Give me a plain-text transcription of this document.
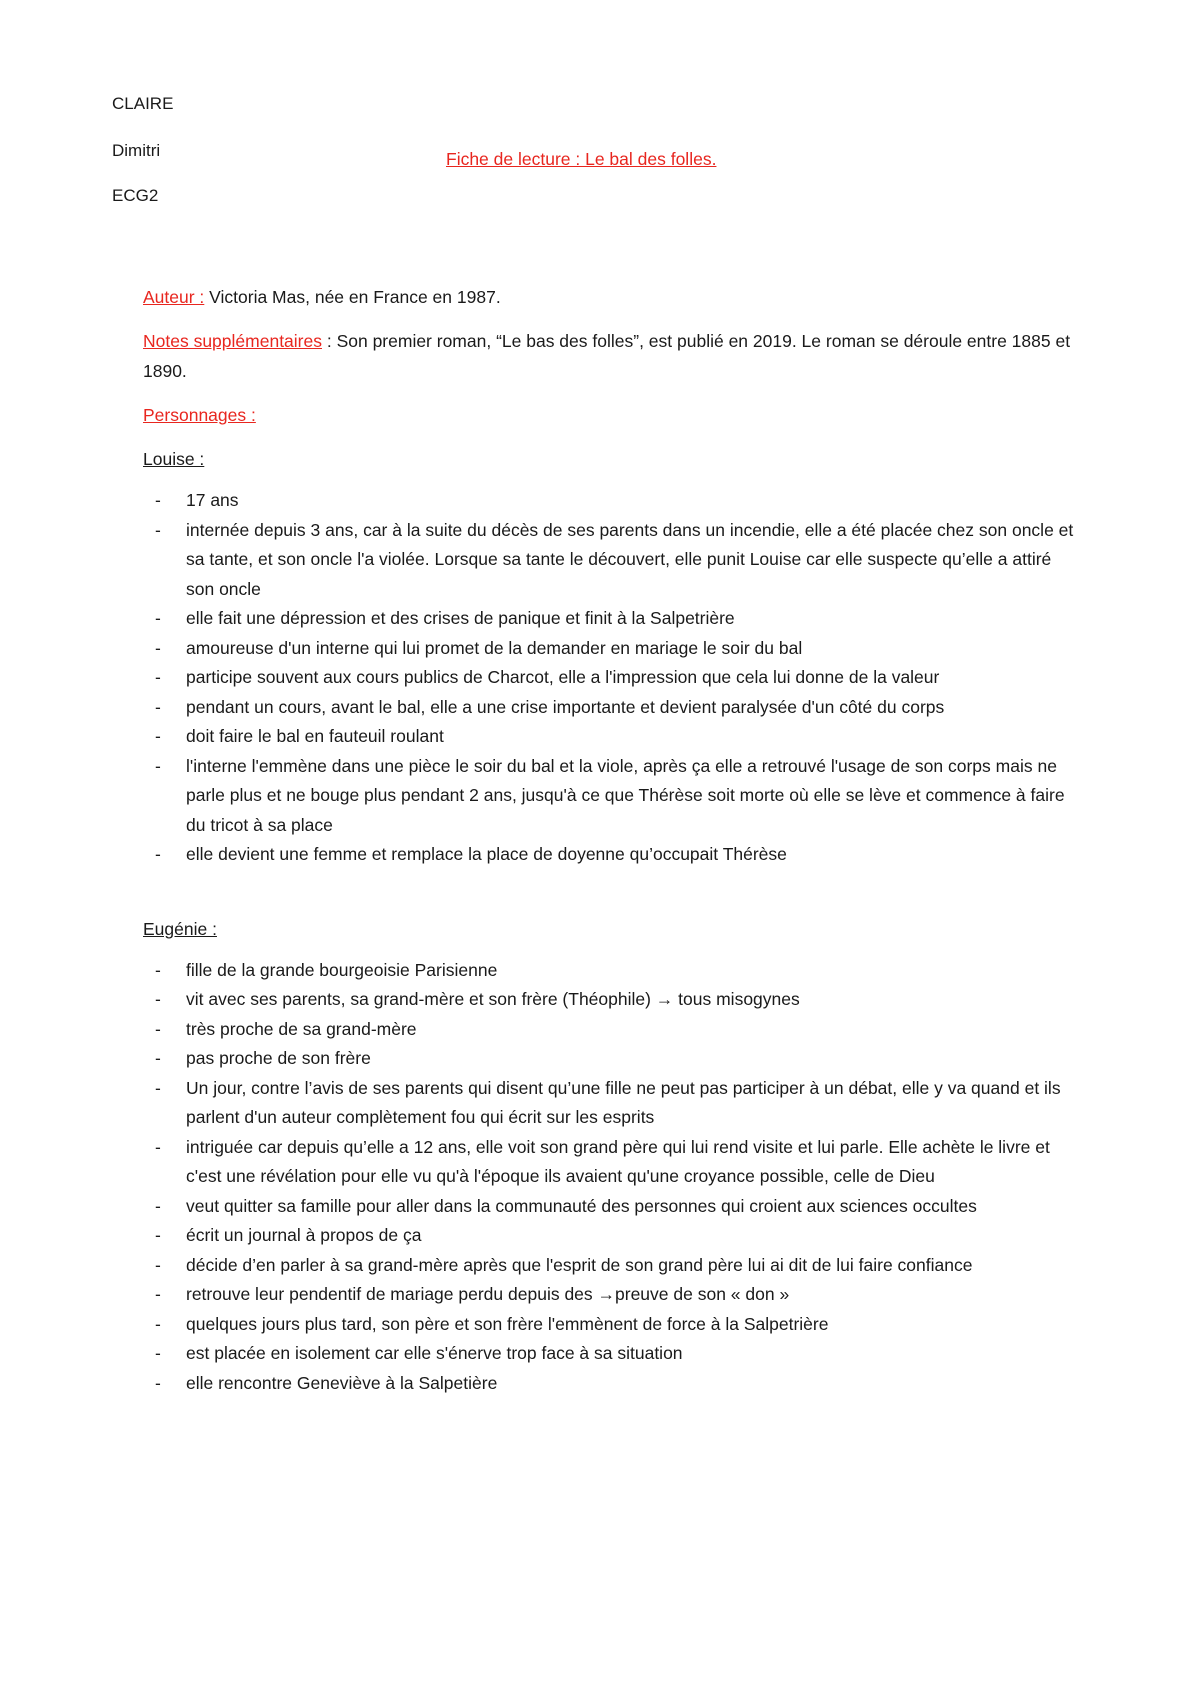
CLAIRE
Dimitri
ECG2
Fiche de lecture : Le bal des folles.

Auteur : Victoria Mas, née en France en 1987.

Notes supplémentaires : Son premier roman, “Le bas des folles”, est publié en 2019. Le roman se déroule entre 1885 et 1890.

Personnages :

Louise :
- 17 ans
- internée depuis 3 ans, car à la suite du décès de ses parents dans un incendie, elle a été placée chez son oncle et sa tante, et son oncle l'a violée. Lorsque sa tante le découvert, elle punit Louise car elle suspecte qu’elle a attiré son oncle
- elle fait une dépression et des crises de panique et finit à la Salpetrière
- amoureuse d'un interne qui lui promet de la demander en mariage le soir du bal
- participe souvent aux cours publics de Charcot, elle a l'impression que cela lui donne de la valeur
- pendant un cours, avant le bal, elle a une crise importante et devient paralysée d'un côté du corps
- doit faire le bal en fauteuil roulant
- l'interne l'emmène dans une pièce le soir du bal et la viole, après ça elle a retrouvé l'usage de son corps mais ne parle plus et ne bouge plus pendant 2 ans, jusqu'à ce que Thérèse soit morte où elle se lève et commence à faire du tricot à sa place
- elle devient une femme et remplace la place de doyenne qu’occupait Thérèse
Eugénie :
- fille de la grande bourgeoisie Parisienne
- vit avec ses parents, sa grand-mère et son frère (Théophile) → tous misogynes
- très proche de sa grand-mère
- pas proche de son frère
- Un jour, contre l’avis de ses parents qui disent qu’une fille ne peut pas participer à un débat, elle y va quand et ils parlent d'un auteur complètement fou qui écrit sur les esprits
- intriguée car depuis qu’elle a 12 ans, elle voit son grand père qui lui rend visite et lui parle. Elle achète le livre et c'est une révélation pour elle vu qu'à l'époque ils avaient qu'une croyance possible, celle de Dieu
- veut quitter sa famille pour aller dans la communauté des personnes qui croient aux sciences occultes
- écrit un journal à propos de ça
- décide d’en parler à sa grand-mère après que l'esprit de son grand père lui ai dit de lui faire confiance
- retrouve leur pendentif de mariage perdu depuis des →preuve de son « don »
- quelques jours plus tard, son père et son frère l'emmènent de force à la Salpetrière
- est placée en isolement car elle s'énerve trop face à sa situation
- elle rencontre Geneviève à la Salpetière
